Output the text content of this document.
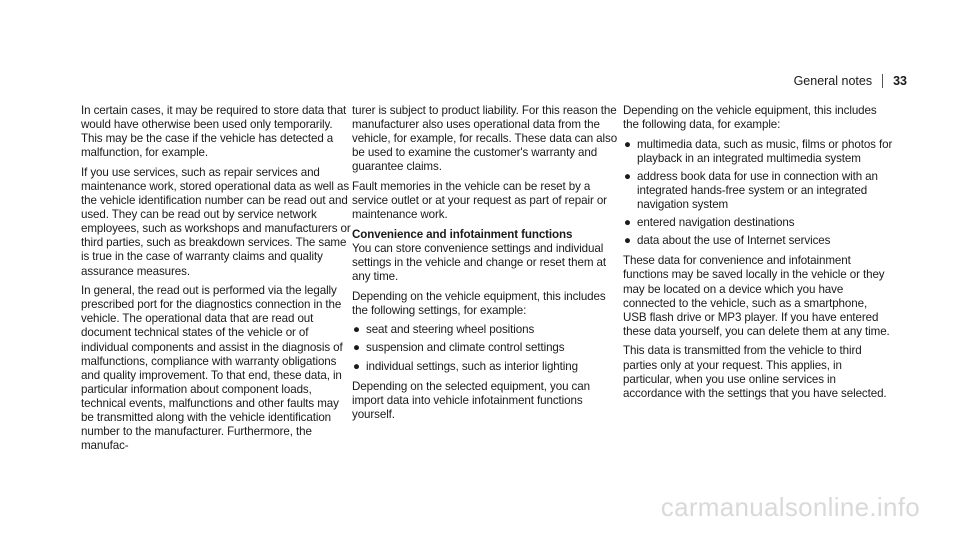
General notes 33

In certain cases, it may be required to store data that would have otherwise been used only temporarily. This may be the case if the vehicle has detected a malfunction, for example.

If you use services, such as repair services and maintenance work, stored operational data as well as the vehicle identification number can be read out and used. They can be read out by service network employees, such as workshops and manufacturers or third parties, such as breakdown services. The same is true in the case of warranty claims and quality assurance measures.

In general, the read out is performed via the legally prescribed port for the diagnostics connection in the vehicle. The operational data that are read out document technical states of the vehicle or of individual components and assist in the diagnosis of malfunctions, compliance with warranty obligations and quality improvement. To that end, these data, in particular information about component loads, technical events, malfunctions and other faults may be transmitted along with the vehicle identification number to the manufacturer. Furthermore, the manufac-

turer is subject to product liability. For this reason the manufacturer also uses operational data from the vehicle, for example, for recalls. These data can also be used to examine the customer's warranty and guarantee claims.

Fault memories in the vehicle can be reset by a service outlet or at your request as part of repair or maintenance work.

Convenience and infotainment functions

You can store convenience settings and individual settings in the vehicle and change or reset them at any time.

Depending on the vehicle equipment, this includes the following settings, for example:

● seat and steering wheel positions
● suspension and climate control settings
● individual settings, such as interior lighting

Depending on the selected equipment, you can import data into vehicle infotainment functions yourself.

Depending on the vehicle equipment, this includes the following data, for example:

● multimedia data, such as music, films or photos for playback in an integrated multimedia system
● address book data for use in connection with an integrated hands-free system or an integrated navigation system
● entered navigation destinations
● data about the use of Internet services

These data for convenience and infotainment functions may be saved locally in the vehicle or they may be located on a device which you have connected to the vehicle, such as a smartphone, USB flash drive or MP3 player. If you have entered these data yourself, you can delete them at any time.

This data is transmitted from the vehicle to third parties only at your request. This applies, in particular, when you use online services in accordance with the settings that you have selected.

carmanualsonline.info
